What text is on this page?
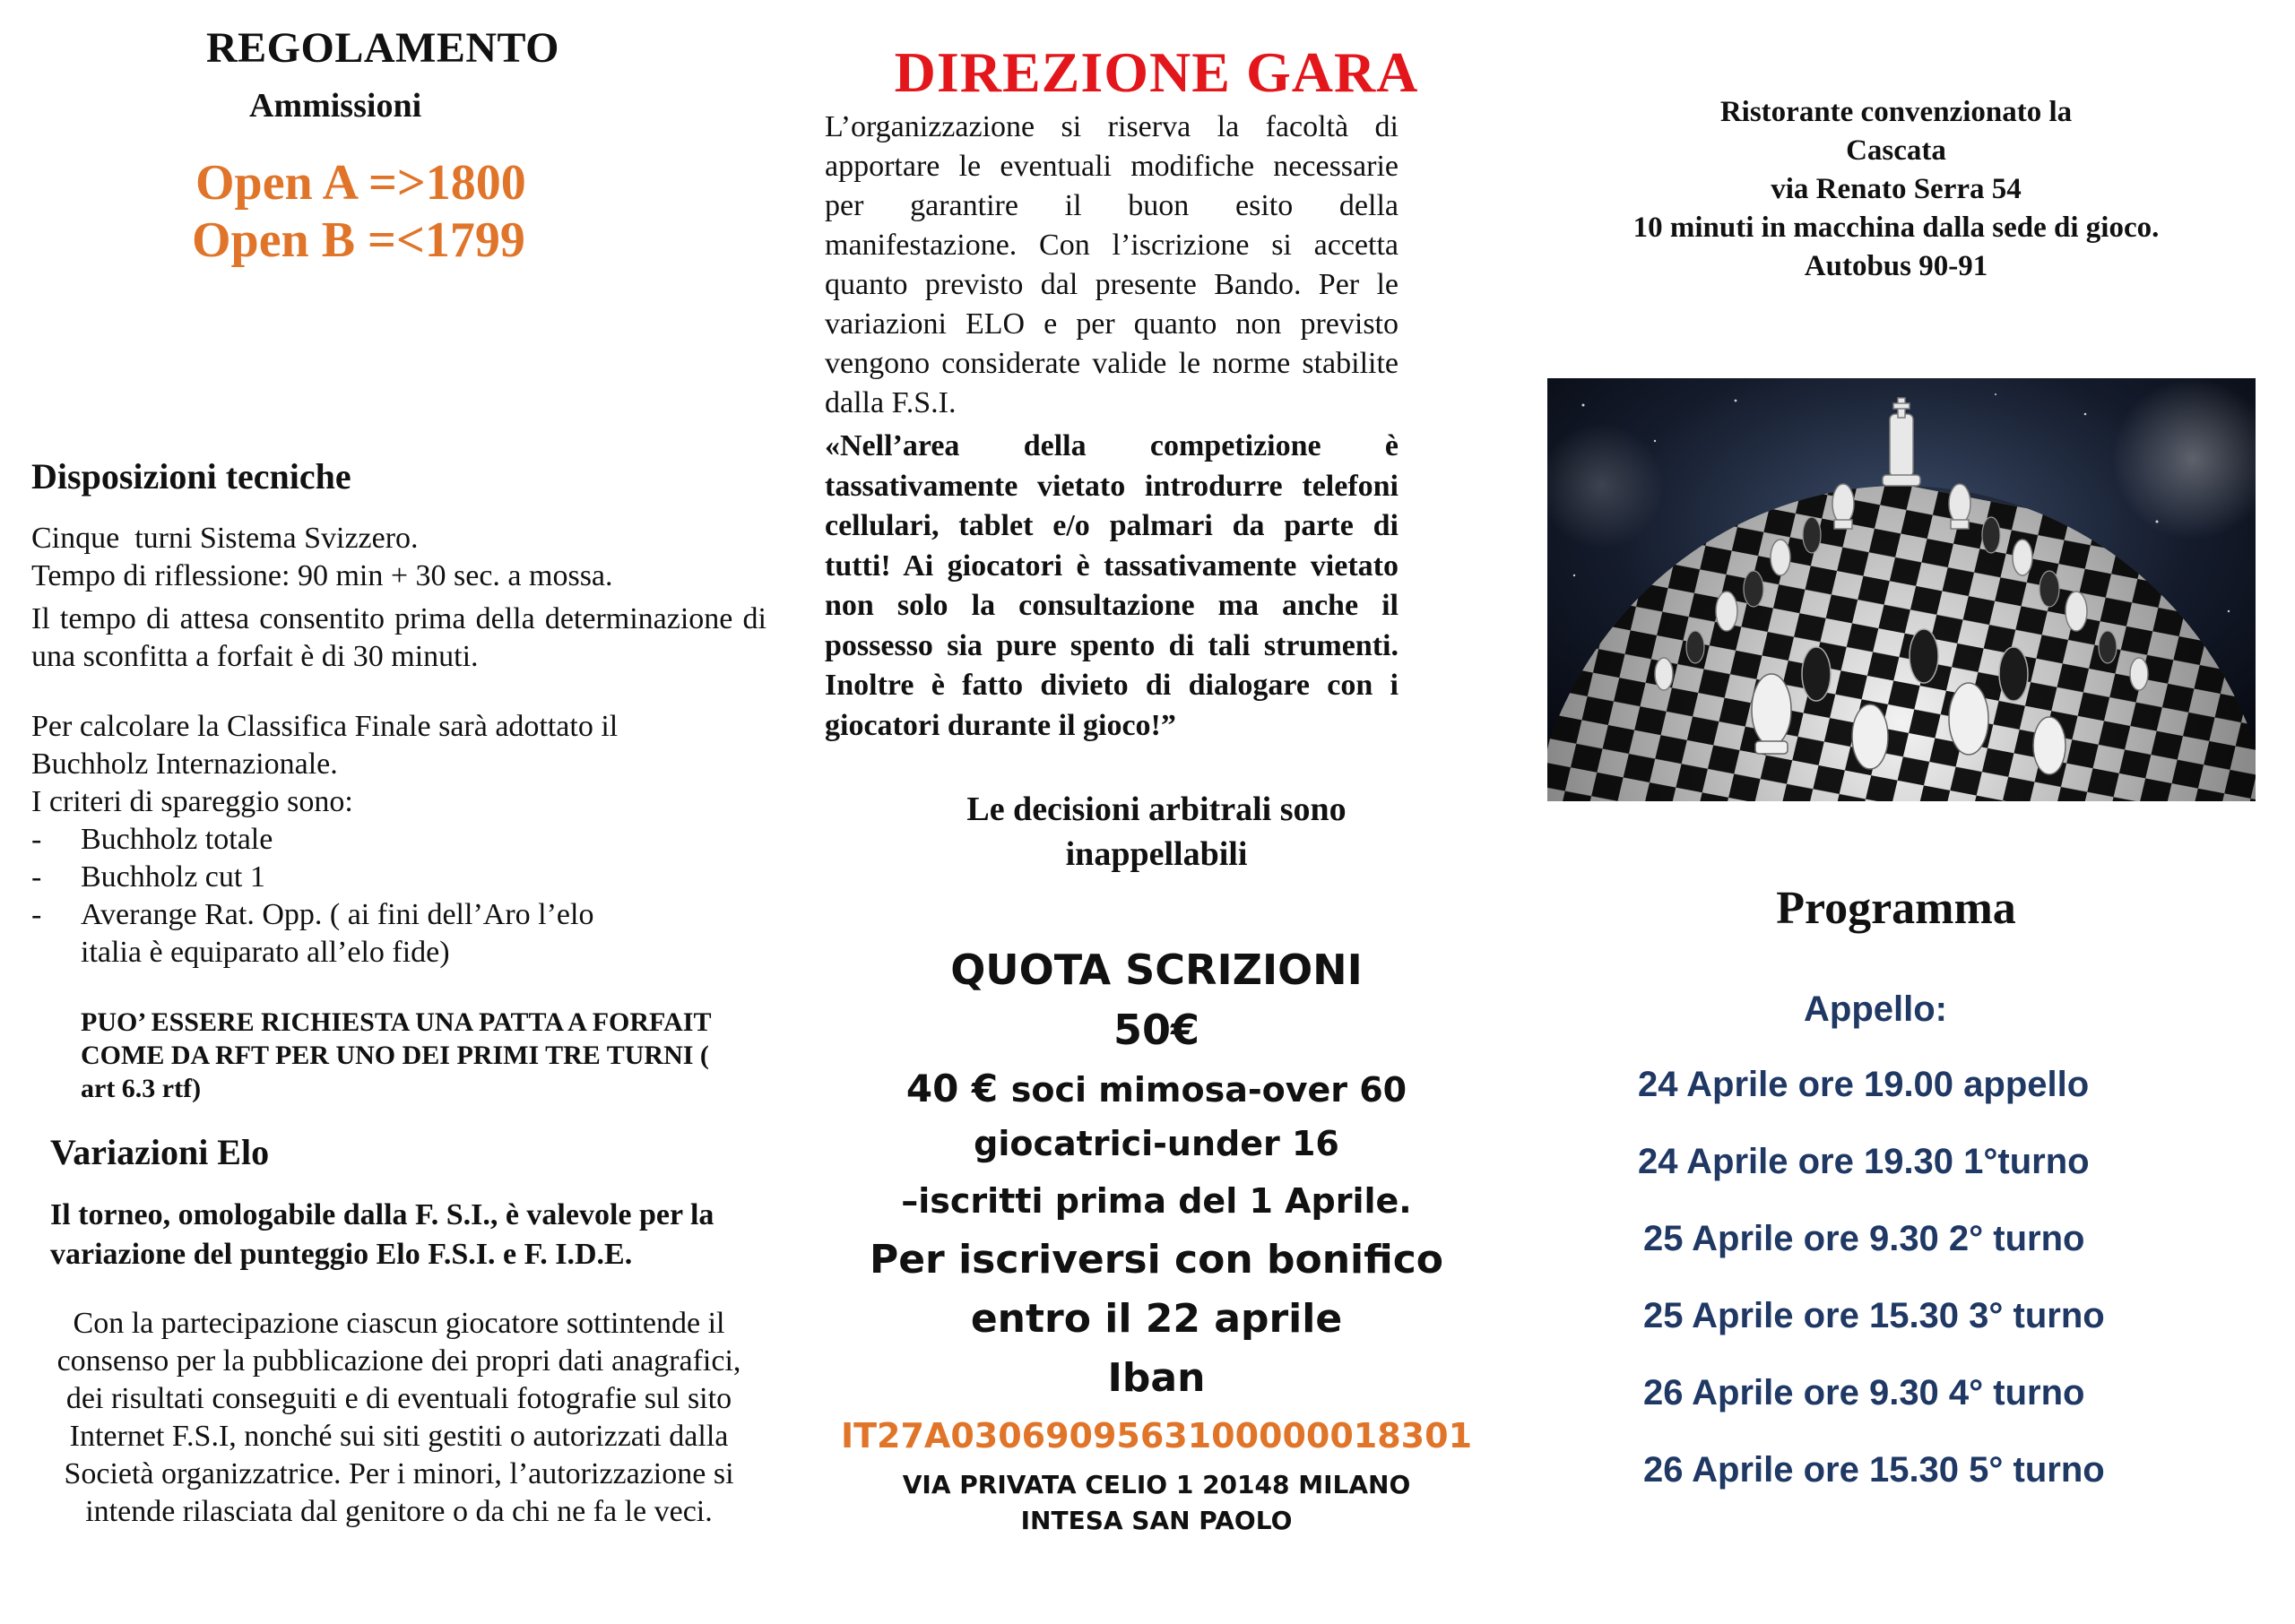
REGOLAMENTO
Ammissioni
Open A =>1800
Open B =<1799
Disposizioni tecniche
Cinque  turni Sistema Svizzero.
Tempo di riflessione: 90 min + 30 sec. a mossa.
Il tempo di attesa consentito prima della determinazione di una sconfitta a forfait è di 30 minuti.
Per calcolare la Classifica Finale sarà adottato il
Buchholz Internazionale.
I criteri di spareggio sono:
- Buchholz totale
- Buchholz cut 1
- Averange Rat. Opp. ( ai fini dell’Aro l’elo
italia è equiparato all’elo fide)
PUO’ ESSERE RICHIESTA UNA PATTA A FORFAIT COME DA RFT PER UNO DEI PRIMI TRE TURNI ( art 6.3 rtf)
Variazioni Elo
Il torneo, omologabile dalla F. S.I., è valevole per la variazione del punteggio Elo F.S.I. e F. I.D.E.
Con la partecipazione ciascun giocatore sottintende il consenso per la pubblicazione dei propri dati anagrafici, dei risultati conseguiti e di eventuali fotografie sul sito Internet F.S.I, nonché sui siti gestiti o autorizzati dalla Società organizzatrice. Per i minori, l’autorizzazione si intende rilasciata dal genitore o da chi ne fa le veci.
DIREZIONE GARA
L’organizzazione si riserva la facoltà di apportare le eventuali modifiche necessarie per garantire il buon esito della manifestazione. Con l’iscrizione si accetta quanto previsto dal presente Bando. Per le variazioni ELO e per quanto non previsto vengono considerate valide le norme stabilite dalla F.S.I.
«Nell’area della competizione è tassativamente vietato introdurre telefoni cellulari, tablet e/o palmari da parte di tutti! Ai giocatori è tassativamente vietato non solo la consultazione ma anche il possesso sia pure spento di tali strumenti. Inoltre è fatto divieto di dialogare con i giocatori durante il gioco!”
Le decisioni arbitrali sono
inappellabili
QUOTA SCRIZIONI
50€
40 € soci mimosa-over 60
giocatrici-under 16
–iscritti prima del 1 Aprile.
Per iscriversi con bonifico
entro il 22 aprile
Iban
IT27A0306909563100000018301
VIA PRIVATA CELIO 1 20148 MILANO
INTESA SAN PAOLO
Ristorante convenzionato la
Cascata
via Renato Serra 54
10 minuti in macchina dalla sede di gioco.
Autobus 90-91
Programma
Appello:
24 Aprile ore 19.00 appello
24 Aprile ore 19.30 1°turno
25 Aprile ore 9.30 2° turno
25 Aprile ore 15.30 3° turno
26 Aprile ore 9.30 4° turno
26 Aprile ore 15.30 5° turno
